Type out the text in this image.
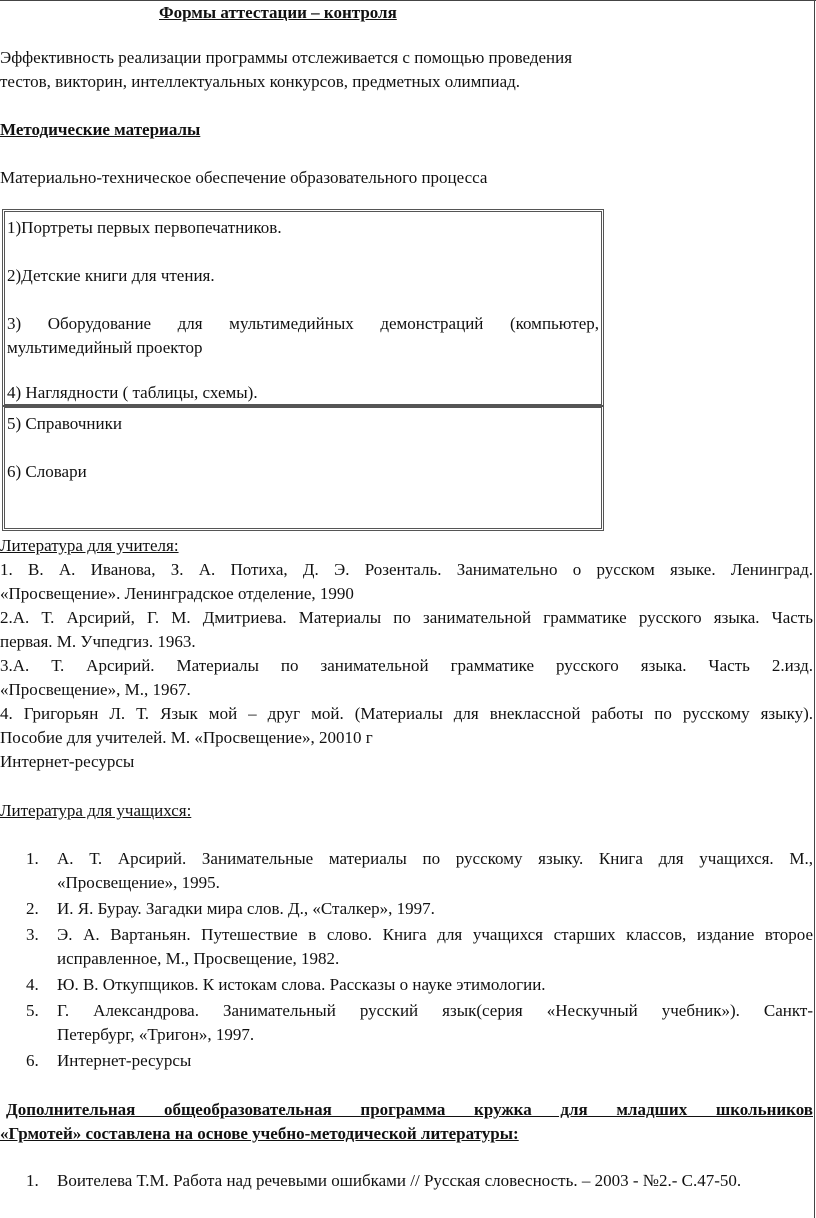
Формы аттестации – контроля
Эффективность реализации программы отслеживается с помощью проведения
тестов, викторин, интеллектуальных конкурсов, предметных олимпиад.
Методические материалы
Материально-техническое обеспечение образовательного процесса
1)Портреты первых первопечатников.
2)Детские книги для чтения.
3) Оборудование для мультимедийных демонстраций (компьютер,
мультимедийный проектор
4) Наглядности ( таблицы, схемы).
5) Справочники
6) Словари
Литература для учителя:
1. В. А. Иванова, З. А. Потиха, Д. Э. Розенталь. Занимательно о русском языке. Ленинград.
«Просвещение». Ленинградское отделение, 1990
2.А. Т. Арсирий, Г. М. Дмитриева. Материалы по занимательной грамматике русского языка. Часть
первая. М. Учпедгиз. 1963.
3.А. Т. Арсирий. Материалы по занимательной грамматике русского языка. Часть 2.изд.
«Просвещение», М., 1967.
4. Григорьян Л. Т. Язык мой – друг мой. (Материалы для внеклассной работы по русскому языку).
Пособие для учителей. М. «Просвещение», 20010 г
Интернет-ресурсы
Литература для учащихся:
1. А. Т. Арсирий. Занимательные материалы по русскому языку. Книга для учащихся. М.,
«Просвещение», 1995.
2. И. Я. Бурау. Загадки мира слов. Д., «Сталкер», 1997.
3. Э. А. Вартаньян. Путешествие в слово. Книга для учащихся старших классов, издание второе
исправленное, М., Просвещение, 1982.
4. Ю. В. Откупщиков. К истокам слова. Рассказы о науке этимологии.
5. Г. Александрова. Занимательный русский язык(серия «Нескучный учебник»). Санкт-
Петербург, «Тригон», 1997.
6. Интернет-ресурсы
Дополнительная общеобразовательная программа кружка для младших школьников
«Грмотей» составлена на основе учебно-методической литературы:
1. Воителева Т.М. Работа над речевыми ошибками // Русская словесность. – 2003 - №2.- С.47-50.
